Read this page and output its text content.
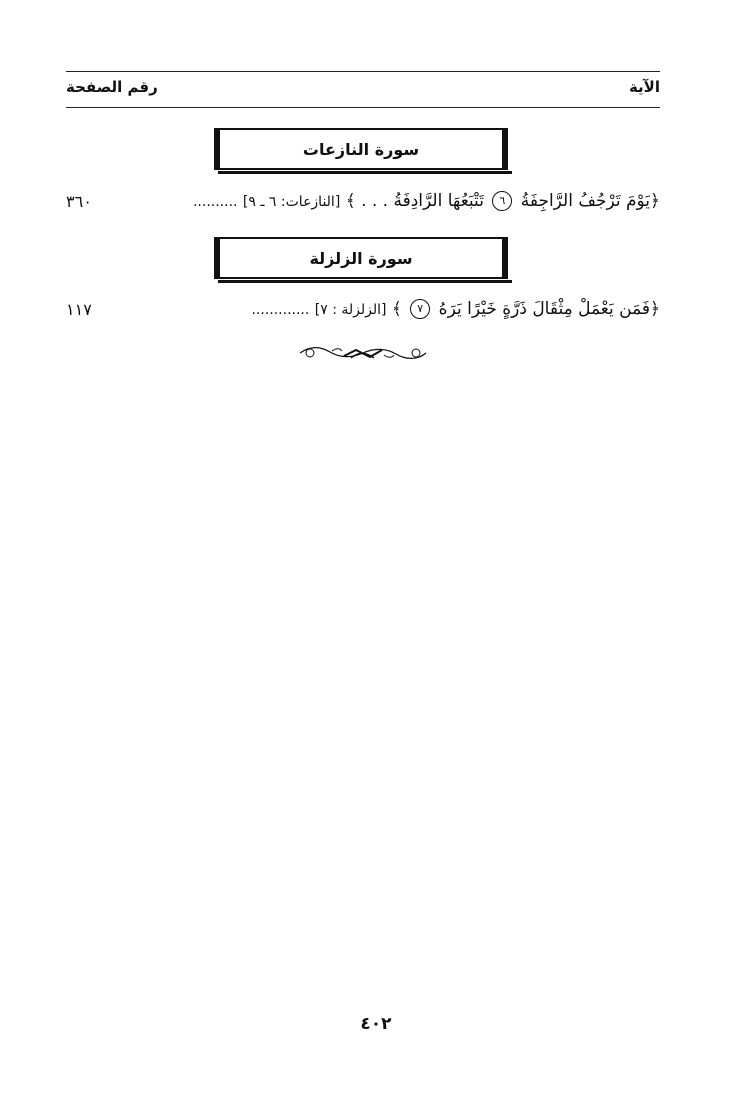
الآية
رقم الصفحة
سورة النازعات
٣٦٠	﴿يَوْمَ تَرْجُفُ الرَّاجِفَةُ ٦ تَتْبَعُهَا الرَّادِفَةُ . . . ﴾ [النازعات: ٦ ـ ٩] ..........
سورة الزلزلة
١١٧	﴿فَمَن يَعْمَلْ مِثْقَالَ ذَرَّةٍ خَيْرًا يَرَهُ ٧ ﴾ [الزلزلة : ٧] .............
٤٠٢
